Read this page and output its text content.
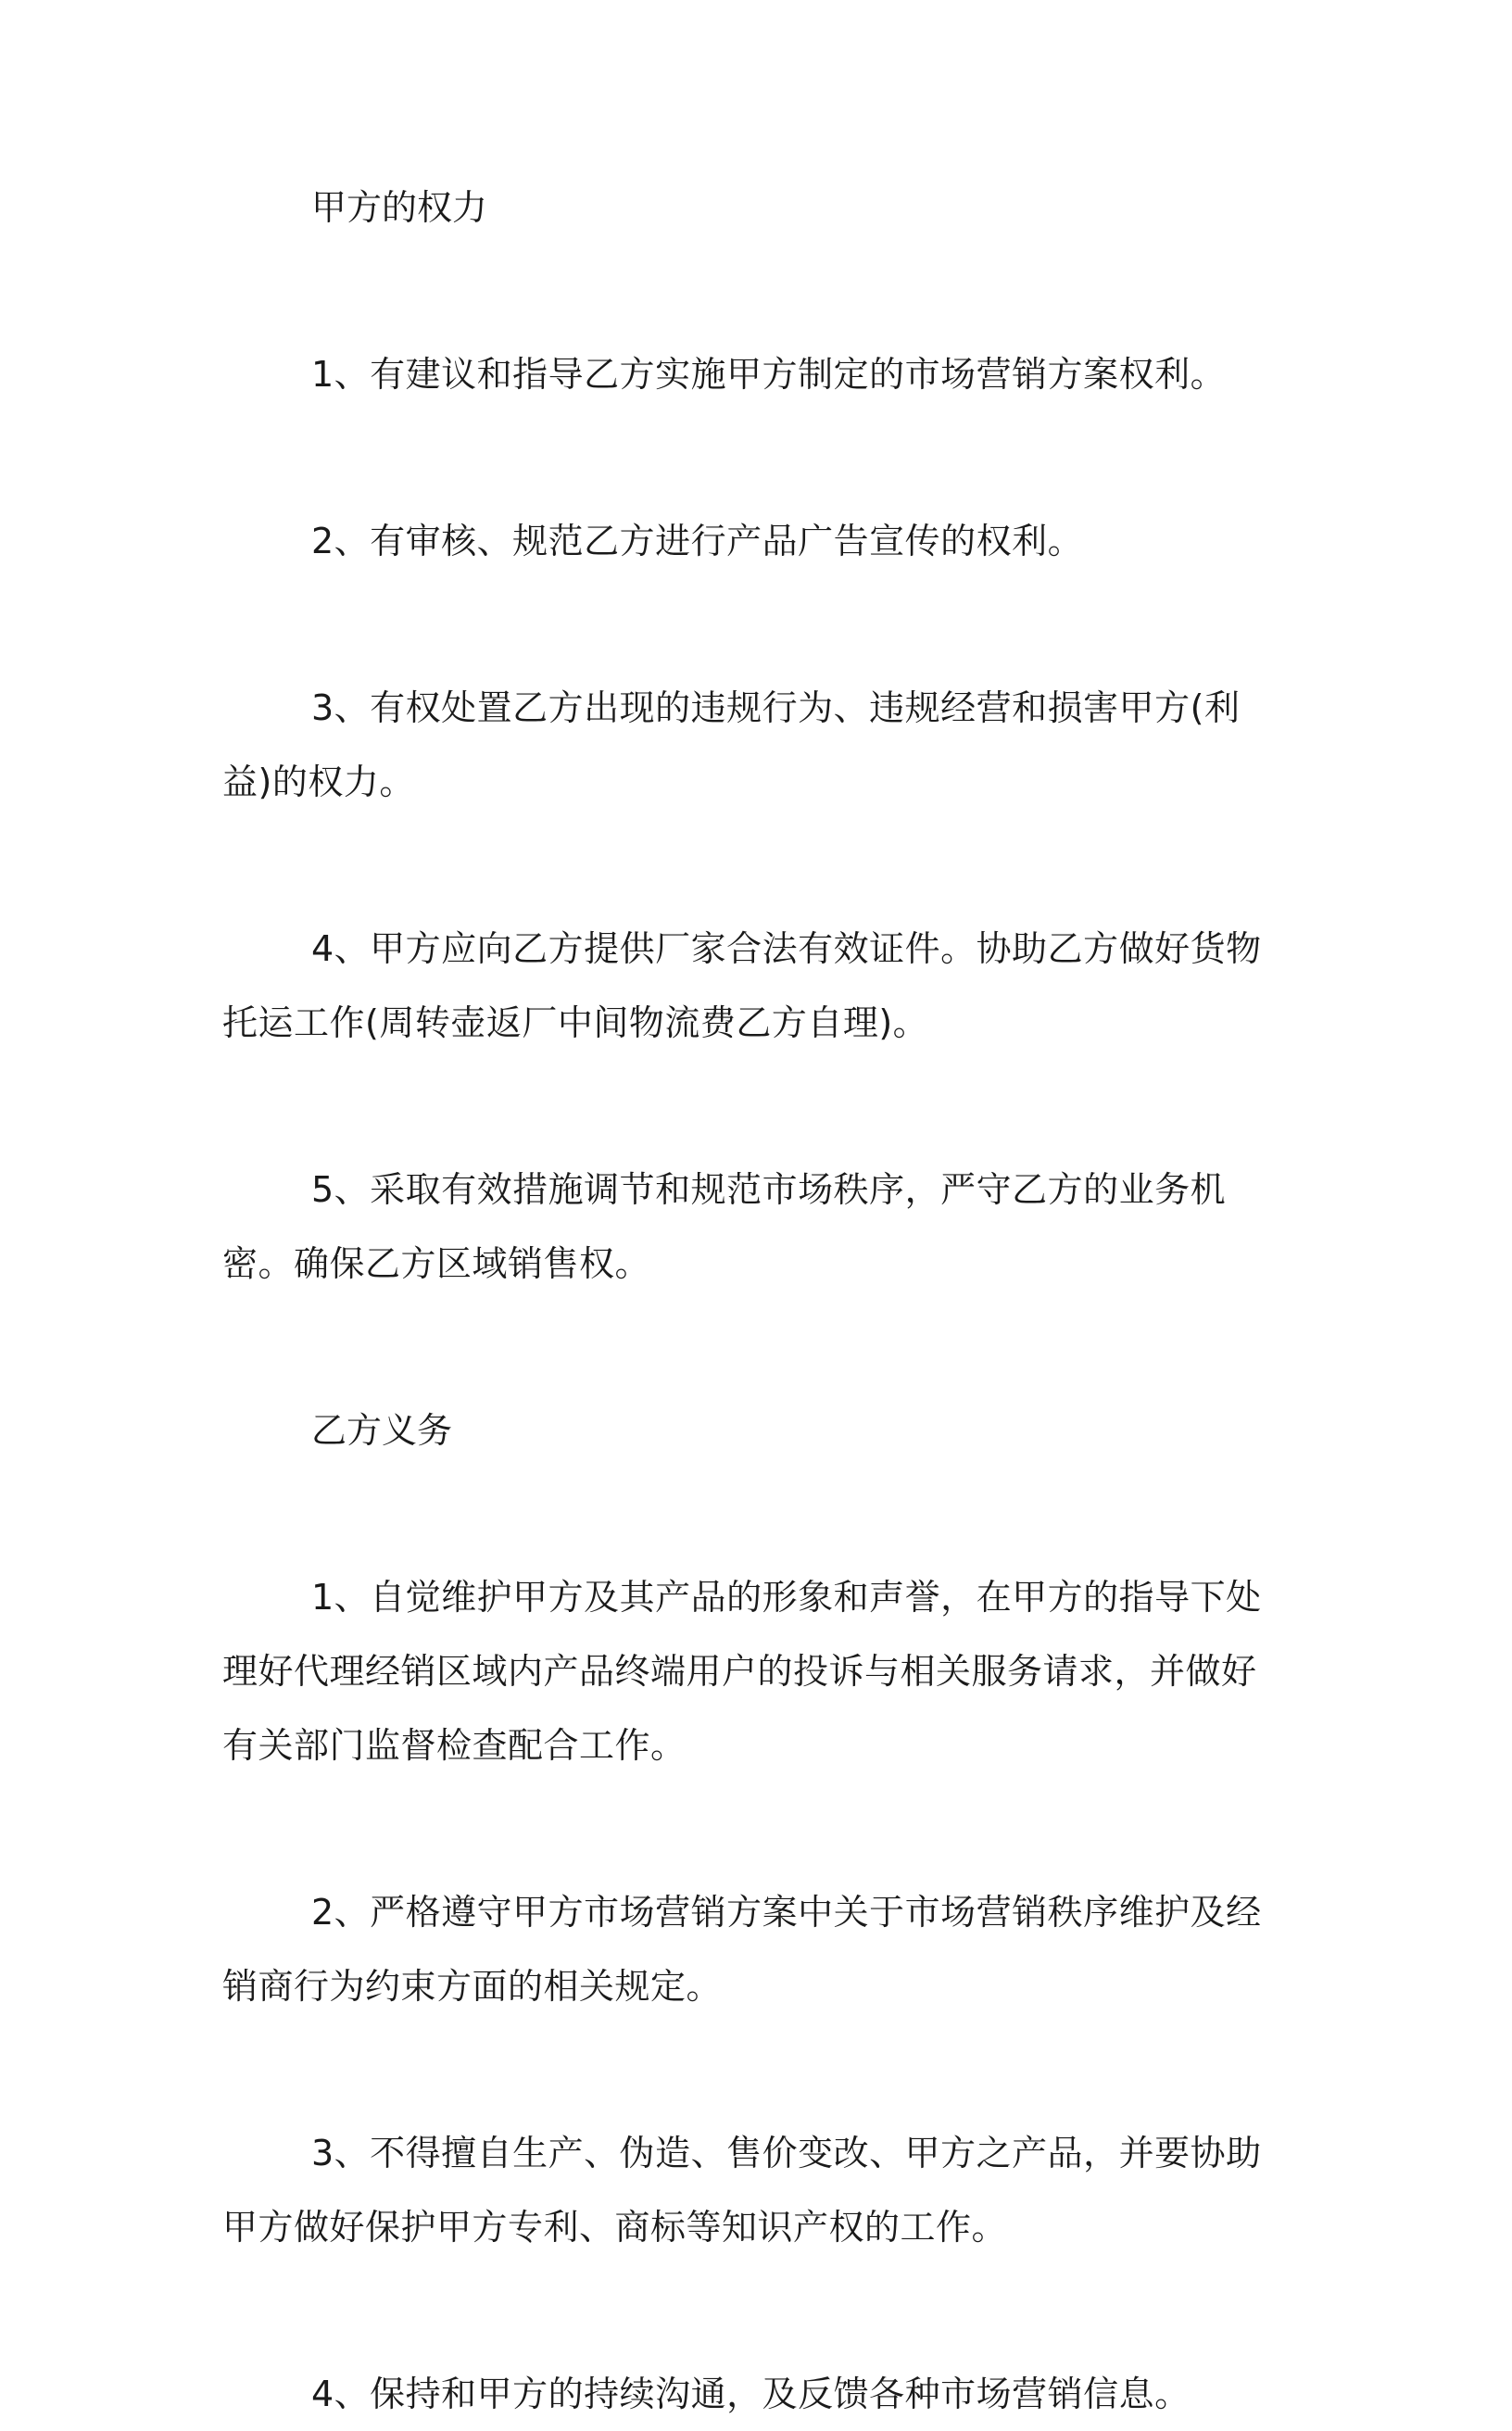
甲方的权力

1、有建议和指导乙方实施甲方制定的市场营销方案权利。

2、有审核、规范乙方进行产品广告宣传的权利。

3、有权处置乙方出现的违规行为、违规经营和损害甲方(利益)的权力。

4、甲方应向乙方提供厂家合法有效证件。协助乙方做好货物托运工作(周转壶返厂中间物流费乙方自理)。

5、采取有效措施调节和规范市场秩序，严守乙方的业务机密。确保乙方区域销售权。

乙方义务

1、自觉维护甲方及其产品的形象和声誉，在甲方的指导下处理好代理经销区域内产品终端用户的投诉与相关服务请求，并做好有关部门监督检查配合工作。

2、严格遵守甲方市场营销方案中关于市场营销秩序维护及经销商行为约束方面的相关规定。

3、不得擅自生产、伪造、售价变改、甲方之产品，并要协助甲方做好保护甲方专利、商标等知识产权的工作。

4、保持和甲方的持续沟通，及反馈各种市场营销信息。
